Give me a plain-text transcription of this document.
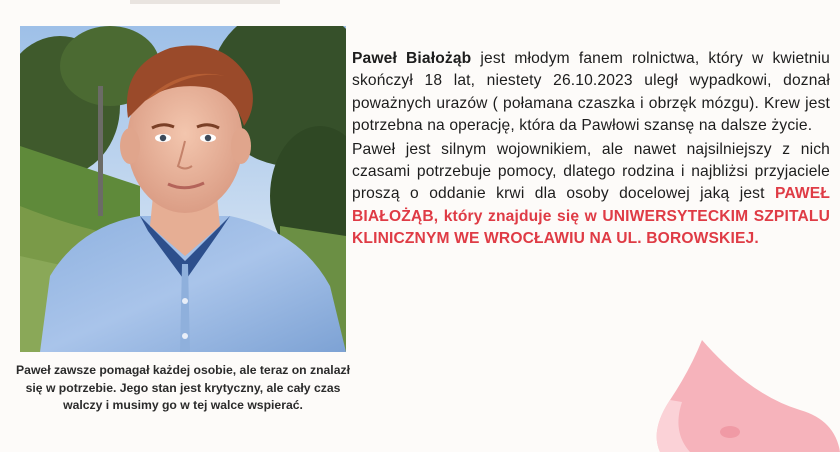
Paweł zawsze pomagał każdej osobie, ale teraz on znalazł się w potrzebie. Jego stan jest krytyczny, ale cały czas walczy i musimy go w tej walce wspierać.

Paweł Białożąb jest młodym fanem rolnictwa, który w kwietniu skończył 18 lat, niestety 26.10.2023 uległ wypadkowi, doznał poważnych urazów ( połamana czaszka i obrzęk mózgu). Krew jest potrzebna na operację, która da Pawłowi szansę na dalsze życie.

Paweł jest silnym wojownikiem, ale nawet najsilniejszy z nich czasami potrzebuje pomocy, dlatego rodzina i najbliżsi przyjaciele proszą o oddanie krwi dla osoby docelowej jaką jest PAWEŁ BIAŁOŻĄB, który znajduje się w UNIWERSYTECKIM SZPITALU KLINICZNYM WE WROCŁAWIU NA UL. BOROWSKIEJ.
